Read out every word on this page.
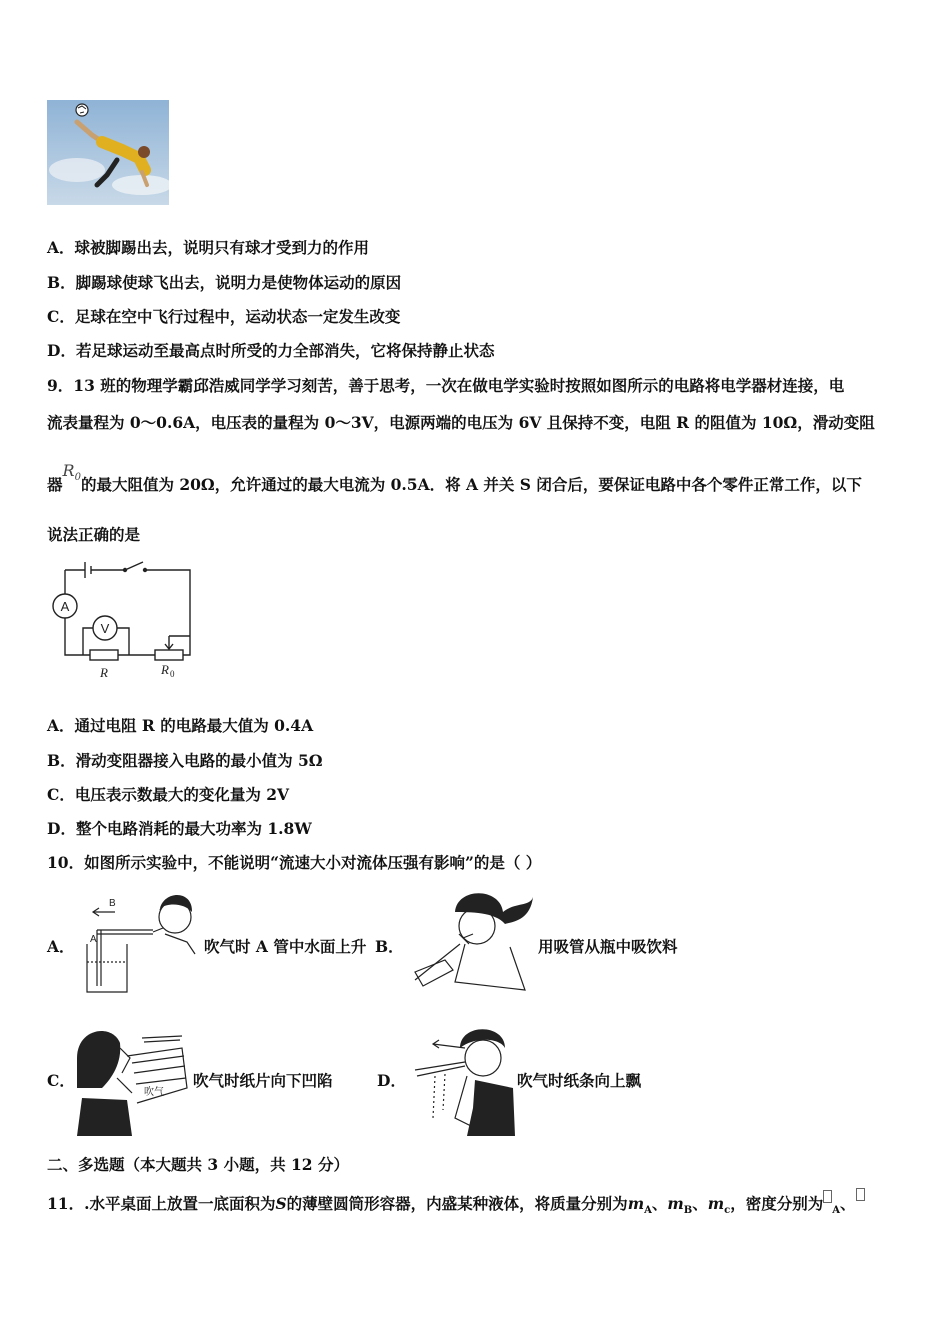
A．球被脚踢出去，说明只有球才受到力的作用
B．脚踢球使球飞出去，说明力是使物体运动的原因
C．足球在空中飞行过程中，运动状态一定发生改变
D．若足球运动至最高点时所受的力全部消失，它将保持静止状态
9．13 班的物理学霸邱浩威同学学习刻苦，善于思考，一次在做电学实验时按照如图所示的电路将电学器材连接，电
流表量程为 0～0.6A，电压表的量程为 0～3V，电源两端的电压为 6V 且保持不变，电阻 R 的阻值为 10Ω，滑动变阻
器$R_0$的最大阻值为 20Ω，允许通过的最大电流为 0.5A．将 A 并关 S 闭合后，要保证电路中各个零件正常工作，以下
说法正确的是
A
V
R	R 0
A．通过电阻 R 的电路最大值为 0.4A
B．滑动变阻器接入电路的最小值为 5Ω
C．电压表示数最大的变化量为 2V
D．整个电路消耗的最大功率为 1.8W
10．如图所示实验中，不能说明“流速大小对流体压强有影响”的是（ ）
A．
B
A	吹气时 A 管中水面上升 B．	用吸管从瓶中吸饮料
C．
吹气
吹气时纸片向下凹陷	D．	吹气时纸条向上飘
二、多选题（本大题共 3 小题，共 12 分）
11．.水平桌面上放置一底面积为S的薄壁圆筒形容器，内盛某种液体，将质量分别为$m_A$、$m_B$、$m_c$，密度分别为 $_A$、
